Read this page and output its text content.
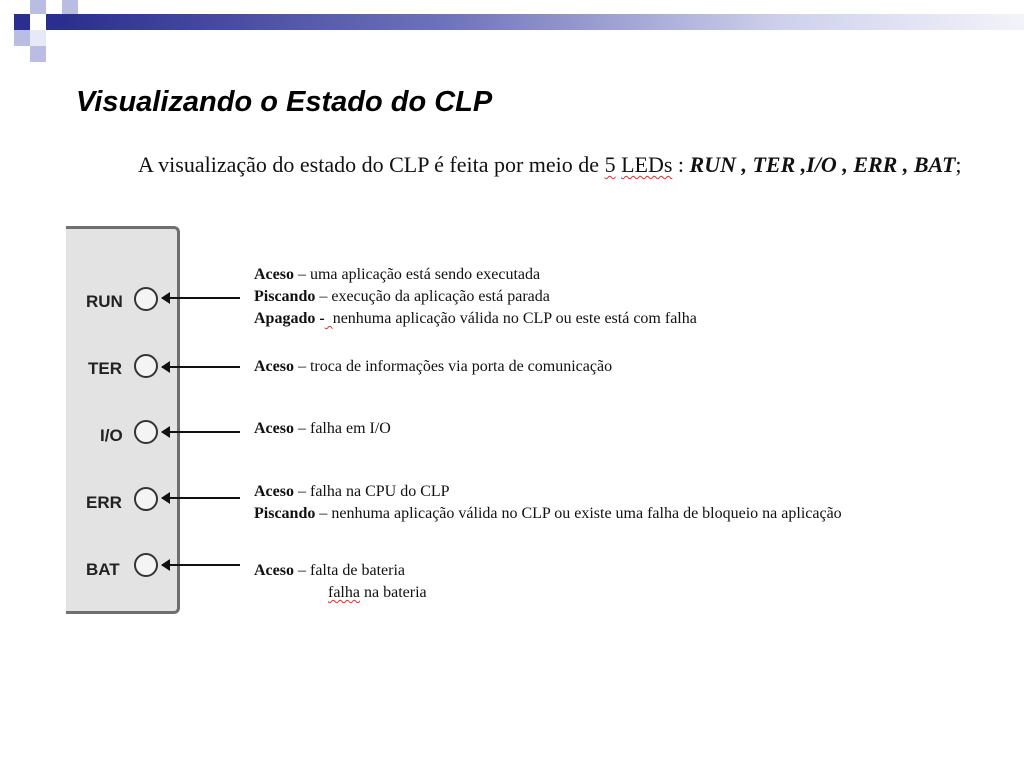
Visualizando o Estado do CLP
A visualização do estado do CLP é feita por meio de 5 LEDs : RUN , TER ,I/O , ERR , BAT;
RUN
Aceso – uma aplicação está sendo executada
Piscando – execução da aplicação está parada
Apagado - nenhuma aplicação válida no CLP ou este está com falha
TER	Aceso – troca de informações via porta de comunicação
I/O	Aceso – falha em I/O
ERR
Aceso – falha na CPU do CLP
Piscando – nenhuma aplicação válida no CLP ou existe uma falha de bloqueio na aplicação
BAT	Aceso – falta de bateria
falha na bateria
